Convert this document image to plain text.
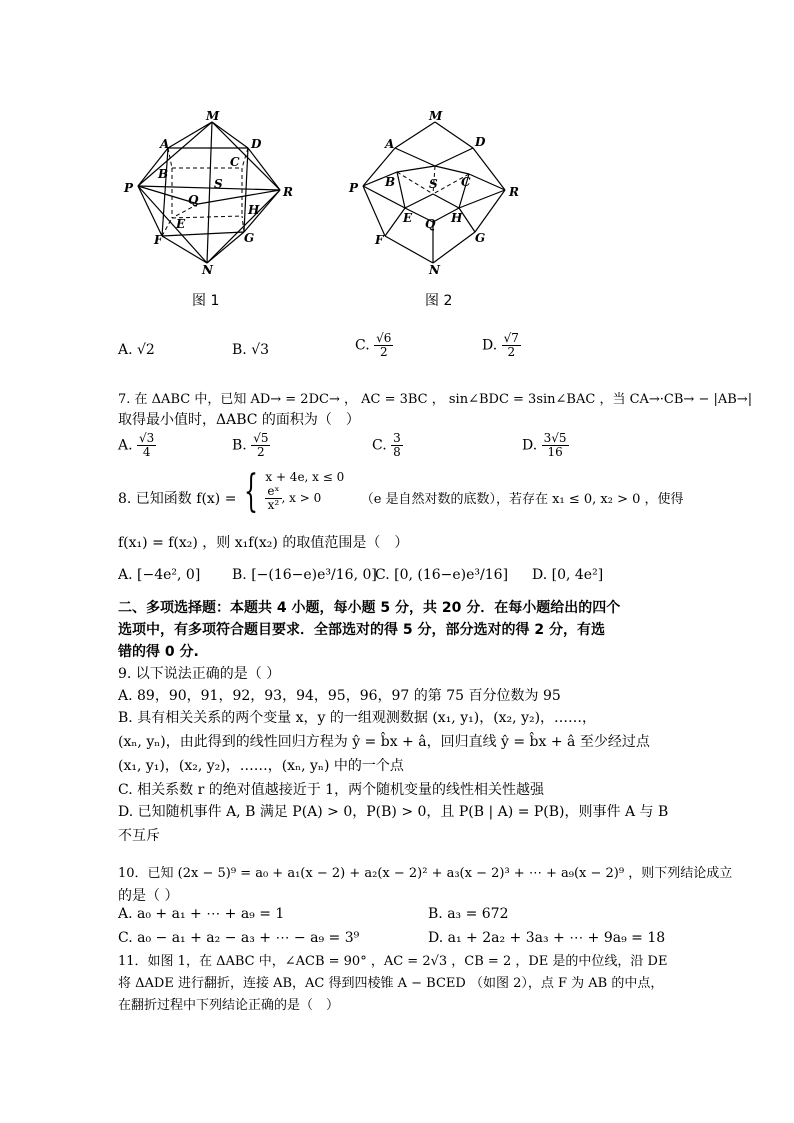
M
A	D
C
B
S
P	R
Q
H
E
F	G
N
图 1
M
A	D
P B	S C
R
E Q H
F	G
N
图 2
A. √2	B. √3	C. $\frac{√6}{2}$	D. $\frac{√7}{2}$
7. 在 ΔABC 中，已知 AD→ = 2DC→ ， AC = 3BC ， sin∠BDC = 3sin∠BAC ，当 CA→·CB→ − |AB→|
取得最小值时，ΔABC 的面积为（　）
A. $\frac{√3}{4}$	B. $\frac{√5}{2}$	C. $\frac{3}{8}$	D. $\frac{3√5}{16}$
8. 已知函数 f(x) = { x + 4e, x ≤ 0
$\frac{\text{eˣ}}{\text{x²}}$ , x > 0	（e 是自然对数的底数），若存在 x₁ ≤ 0, x₂ > 0 ，使得
f(x₁) = f(x₂) ，则 x₁f(x₂) 的取值范围是（　）
A. [−4e², 0] B. [−(16−e)e³/16, 0]
C. [0, (16−e)e³/16] D. [0, 4e²]
二、多项选择题：本题共 4 小题，每小题 5 分，共 20 分．在每小题给出的四个
选项中，有多项符合题目要求．全部选对的得 5 分，部分选对的得 2 分，有选
错的得 0 分.
9. 以下说法正确的是（ ）
A. 89，90，91，92，93，94，95，96，97 的第 75 百分位数为 95
B. 具有相关关系的两个变量 x，y 的一组观测数据 (x₁, y₁)，(x₂, y₂)，……，
(xₙ, yₙ)，由此得到的线性回归方程为 ŷ = b̂x + â，回归直线 ŷ = b̂x + â 至少经过点
(x₁, y₁)，(x₂, y₂)，……，(xₙ, yₙ) 中的一个点
C. 相关系数 r 的绝对值越接近于 1，两个随机变量的线性相关性越强
D. 已知随机事件 A, B 满足 P(A) > 0，P(B) > 0，且 P(B | A) = P(B)，则事件 A 与 B
不互斥
10．已知 (2x − 5)⁹ = a₀ + a₁(x − 2) + a₂(x − 2)² + a₃(x − 2)³ + ⋯ + a₉(x − 2)⁹ ，则下列结论成立
的是（ ）
A. a₀ + a₁ + ⋯ + a₉ = 1	B. a₃ = 672
C. a₀ − a₁ + a₂ − a₃ + ⋯ − a₉ = 3⁹	D. a₁ + 2a₂ + 3a₃ + ⋯ + 9a₉ = 18
11．如图 1，在 ΔABC 中，∠ACB = 90° ，AC = 2√3 ，CB = 2 ，DE 是的中位线，沿 DE
将 ΔADE 进行翻折，连接 AB，AC 得到四棱锥 A − BCED （如图 2），点 F 为 AB 的中点，
在翻折过程中下列结论正确的是（　）
